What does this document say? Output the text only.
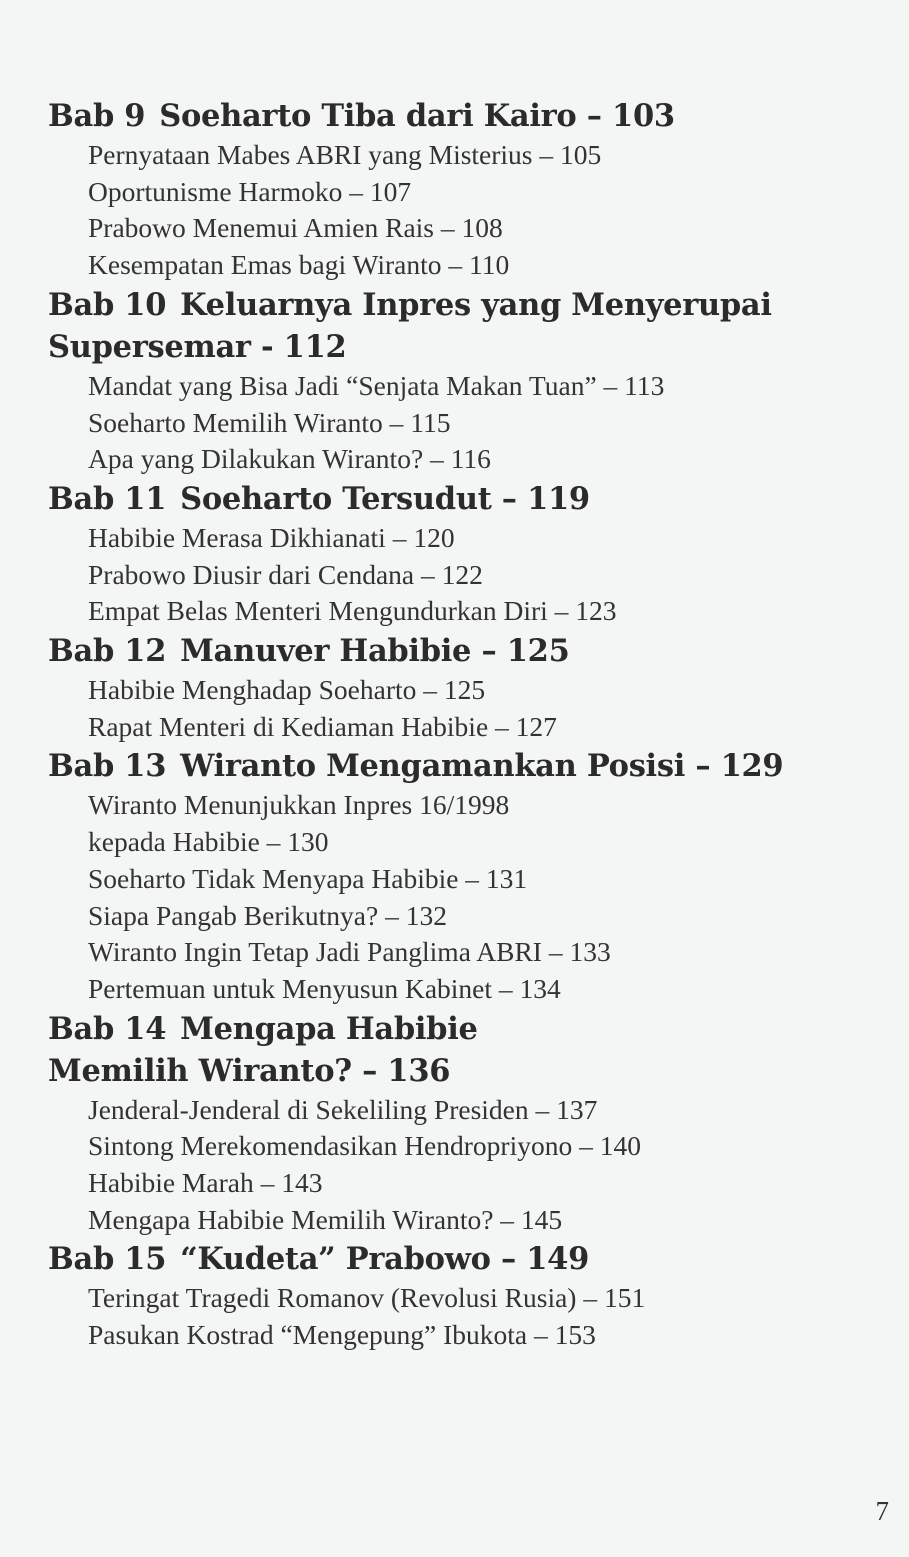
Bab 9 Soeharto Tiba dari Kairo – 103
Pernyataan Mabes ABRI yang Misterius – 105
Oportunisme Harmoko – 107
Prabowo Menemui Amien Rais – 108
Kesempatan Emas bagi Wiranto – 110
Bab 10 Keluarnya Inpres yang Menyerupai
Supersemar - 112
Mandat yang Bisa Jadi “Senjata Makan Tuan” – 113
Soeharto Memilih Wiranto – 115
Apa yang Dilakukan Wiranto? – 116
Bab 11 Soeharto Tersudut – 119
Habibie Merasa Dikhianati – 120
Prabowo Diusir dari Cendana – 122
Empat Belas Menteri Mengundurkan Diri – 123
Bab 12 Manuver Habibie – 125
Habibie Menghadap Soeharto – 125
Rapat Menteri di Kediaman Habibie – 127
Bab 13 Wiranto Mengamankan Posisi – 129
Wiranto Menunjukkan Inpres 16/1998
kepada Habibie – 130
Soeharto Tidak Menyapa Habibie – 131
Siapa Pangab Berikutnya? – 132
Wiranto Ingin Tetap Jadi Panglima ABRI – 133
Pertemuan untuk Menyusun Kabinet – 134
Bab 14 Mengapa Habibie
Memilih Wiranto? – 136
Jenderal-Jenderal di Sekeliling Presiden – 137
Sintong Merekomendasikan Hendropriyono – 140
Habibie Marah – 143
Mengapa Habibie Memilih Wiranto? – 145
Bab 15 “Kudeta” Prabowo – 149
Teringat Tragedi Romanov (Revolusi Rusia) – 151
Pasukan Kostrad “Mengepung” Ibukota – 153
7
